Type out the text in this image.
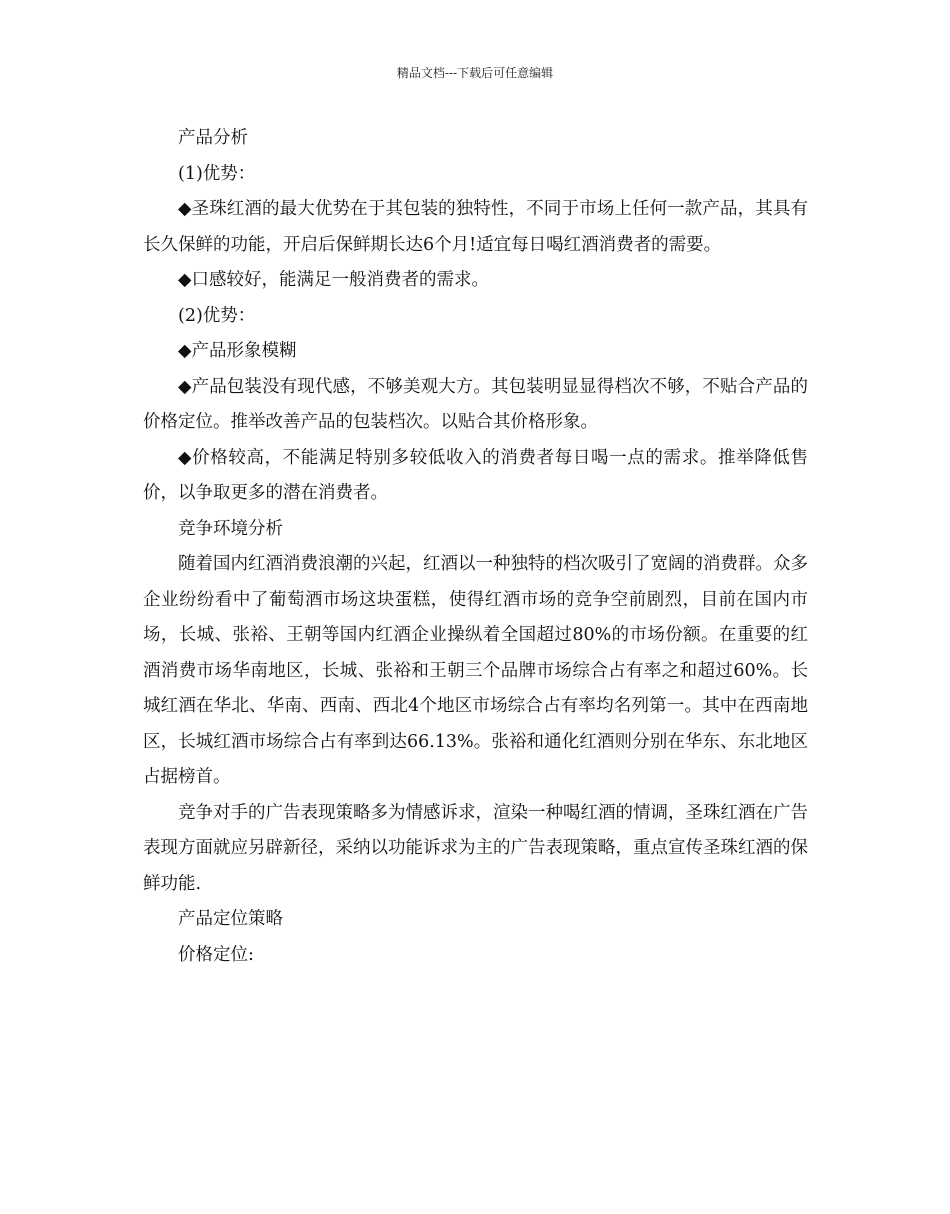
精品文档---下载后可任意编辑

产品分析

(1)优势：

◆圣珠红酒的最大优势在于其包装的独特性，不同于市场上任何一款产品，其具有长久保鲜的功能，开启后保鲜期长达6个月!适宜每日喝红酒消费者的需要。

◆口感较好，能满足一般消费者的需求。

(2)优势：

◆产品形象模糊

◆产品包装没有现代感，不够美观大方。其包装明显显得档次不够，不贴合产品的价格定位。推举改善产品的包装档次。以贴合其价格形象。

◆价格较高，不能满足特别多较低收入的消费者每日喝一点的需求。推举降低售价，以争取更多的潜在消费者。

竞争环境分析

随着国内红酒消费浪潮的兴起，红酒以一种独特的档次吸引了宽阔的消费群。众多企业纷纷看中了葡萄酒市场这块蛋糕，使得红酒市场的竞争空前剧烈，目前在国内市场，长城、张裕、王朝等国内红酒企业操纵着全国超过80%的市场份额。在重要的红酒消费市场华南地区，长城、张裕和王朝三个品牌市场综合占有率之和超过60%。长城红酒在华北、华南、西南、西北4个地区市场综合占有率均名列第一。其中在西南地区，长城红酒市场综合占有率到达66.13%。张裕和通化红酒则分别在华东、东北地区占据榜首。

竞争对手的广告表现策略多为情感诉求，渲染一种喝红酒的情调，圣珠红酒在广告表现方面就应另辟新径，采纳以功能诉求为主的广告表现策略，重点宣传圣珠红酒的保鲜功能.

产品定位策略

价格定位:
